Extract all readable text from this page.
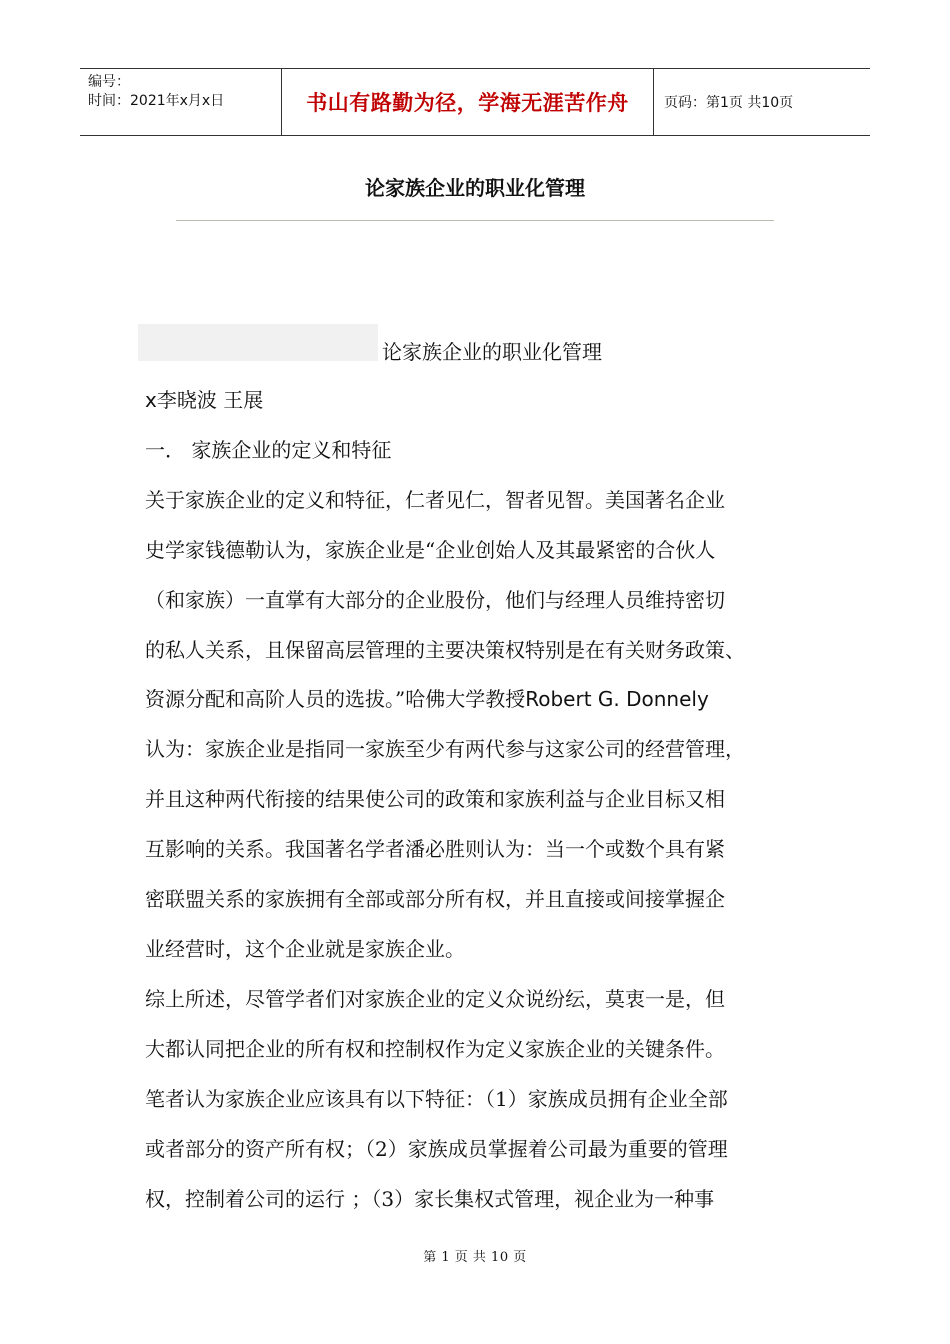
编号：
时间：2021年x月x日	书山有路勤为径，学海无涯苦作舟	页码：第1页 共10页
论家族企业的职业化管理
论家族企业的职业化管理

x李晓波 王展

一． 家族企业的定义和特征

关于家族企业的定义和特征，仁者见仁，智者见智。美国著名企业

史学家钱德勒认为，家族企业是“企业创始人及其最紧密的合伙人

（和家族）一直掌有大部分的企业股份，他们与经理人员维持密切

的私人关系，且保留高层管理的主要决策权特别是在有关财务政策、

资源分配和高阶人员的选拔。”哈佛大学教授Robert G. Donnely

认为：家族企业是指同一家族至少有两代参与这家公司的经营管理，

并且这种两代衔接的结果使公司的政策和家族利益与企业目标又相

互影响的关系。我国著名学者潘必胜则认为：当一个或数个具有紧

密联盟关系的家族拥有全部或部分所有权，并且直接或间接掌握企

业经营时，这个企业就是家族企业。

综上所述，尽管学者们对家族企业的定义众说纷纭，莫衷一是，但

大都认同把企业的所有权和控制权作为定义家族企业的关键条件。

笔者认为家族企业应该具有以下特征：（1）家族成员拥有企业全部

或者部分的资产所有权；（2）家族成员掌握着公司最为重要的管理

权，控制着公司的运行 ；（3）家长集权式管理，视企业为一种事

第 1 页 共 10 页
